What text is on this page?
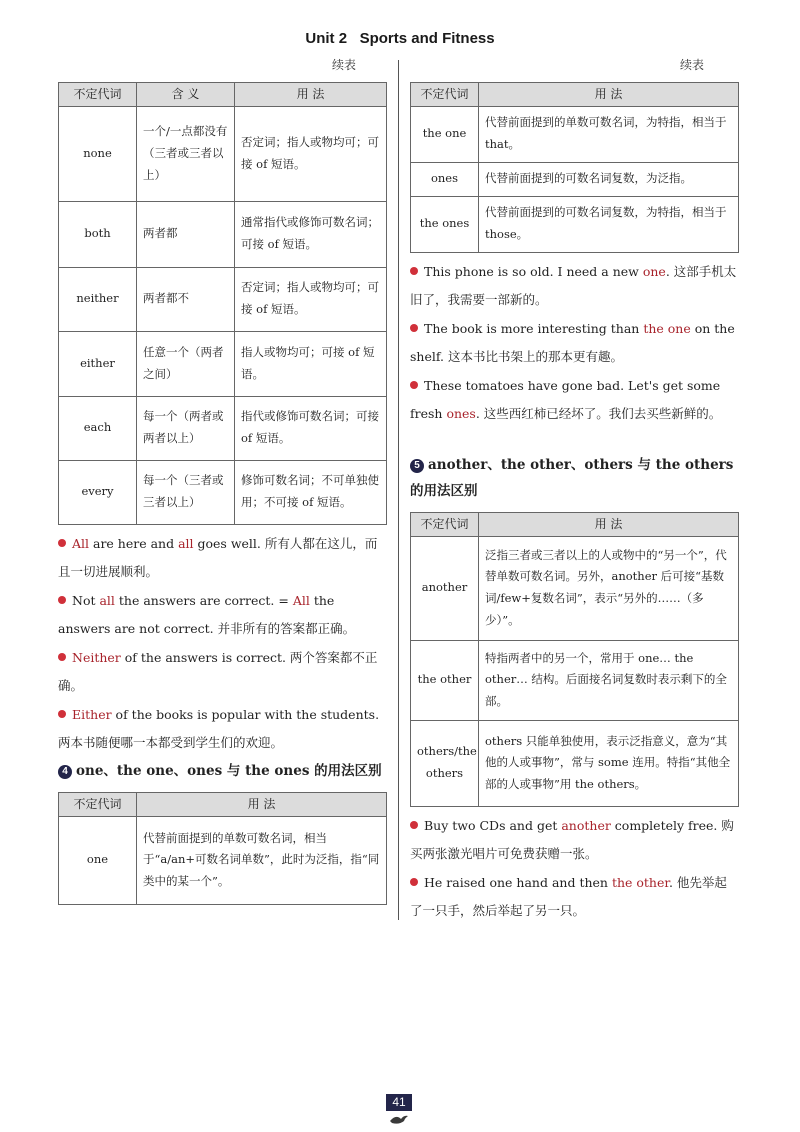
Unit 2 Sports and Fitness
续表	续表
不定代词	含 义	用 法
none	一个/一点都没有（三者或三者以上）	否定词；指人或物均可；可接 of 短语。
both	两者都	通常指代或修饰可数名词；可接 of 短语。
neither	两者都不	否定词；指人或物均可；可接 of 短语。
either	任意一个（两者之间）	指人或物均可；可接 of 短语。
each	每一个（两者或两者以上）	指代或修饰可数名词；可接 of 短语。
every	每一个（三者或三者以上）	修饰可数名词；不可单独使用；不可接 of 短语。
All are here and all goes well. 所有人都在这儿，而且一切进展顺利。
Not all the answers are correct. = All the answers are not correct. 并非所有的答案都正确。
Neither of the answers is correct. 两个答案都不正确。
Either of the books is popular with the students. 两本书随便哪一本都受到学生们的欢迎。
4 one、the one、ones 与 the ones 的用法区别
不定代词	用 法
one	代替前面提到的单数可数名词，相当于“a/an+可数名词单数”，此时为泛指，指“同类中的某一个”。
不定代词	用 法
the one	代替前面提到的单数可数名词，为特指，相当于 that。
ones	代替前面提到的可数名词复数，为泛指。
the ones	代替前面提到的可数名词复数，为特指，相当于 those。
This phone is so old. I need a new one. 这部手机太旧了，我需要一部新的。
The book is more interesting than the one on the shelf. 这本书比书架上的那本更有趣。
These tomatoes have gone bad. Let's get some fresh ones. 这些西红柿已经坏了。我们去买些新鲜的。
5 another、the other、others 与 the others 的用法区别
不定代词	用 法
another	泛指三者或三者以上的人或物中的“另一个”，代替单数可数名词。另外，another 后可接“基数词/few+复数名词”，表示“另外的……（多少）”。
the other	特指两者中的另一个，常用于 one… the other… 结构。后面接名词复数时表示剩下的全部。
others/the others	others 只能单独使用，表示泛指意义，意为“其他的人或事物”，常与 some 连用。特指“其他全部的人或事物”用 the others。
Buy two CDs and get another completely free. 购买两张激光唱片可免费获赠一张。
He raised one hand and then the other. 他先举起了一只手，然后举起了另一只。
41
